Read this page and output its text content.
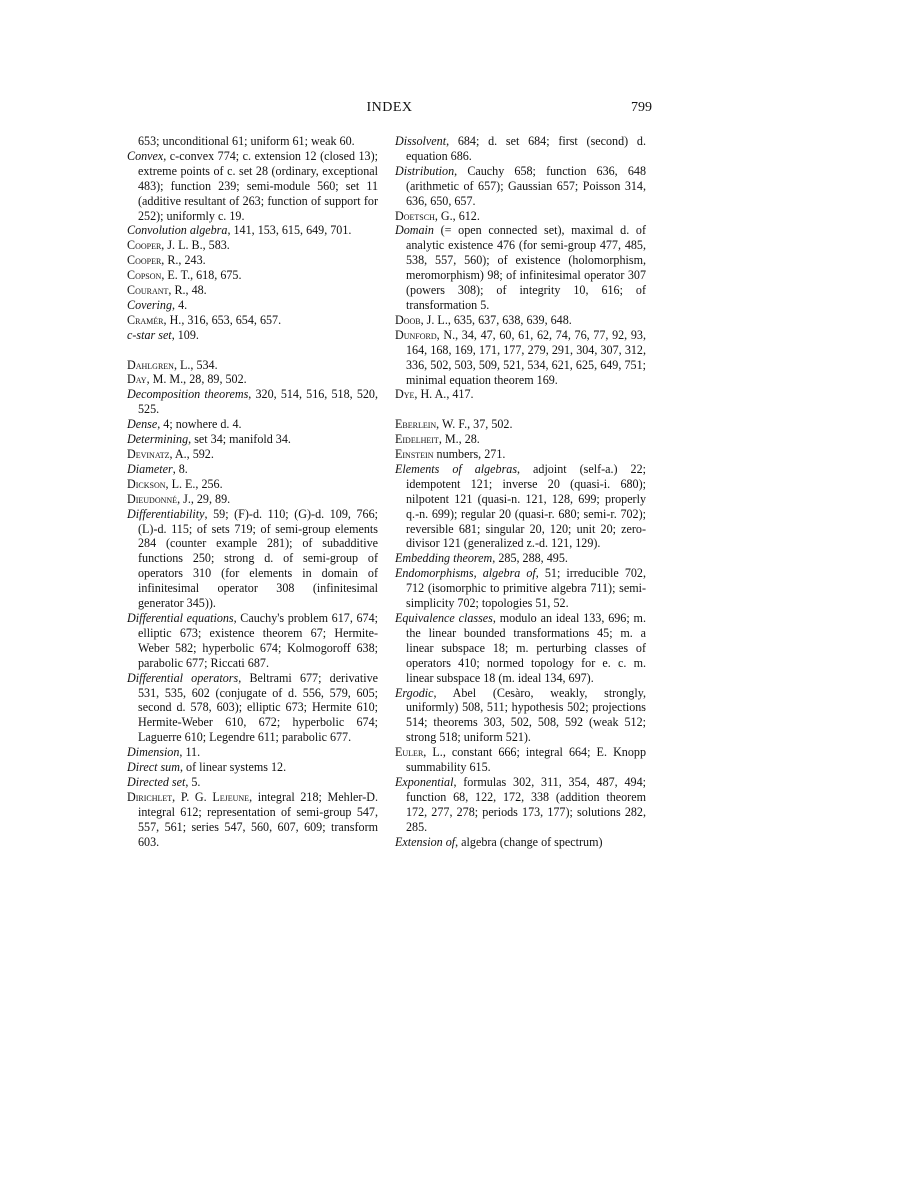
INDEX	799

653; unconditional 61; uniform 61; weak 60.

Convex, c-convex 774; c. extension 12 (closed 13); extreme points of c. set 28 (ordinary, exceptional 483); function 239; semi-module 560; set 11 (additive resultant of 263; function of support for 252); uniformly c. 19.

Convolution algebra, 141, 153, 615, 649, 701.

Cooper, J. L. B., 583.

Cooper, R., 243.

Copson, E. T., 618, 675.

Courant, R., 48.

Covering, 4.

Cramér, H., 316, 653, 654, 657.

c-star set, 109.

Dahlgren, L., 534.

Day, M. M., 28, 89, 502.

Decomposition theorems, 320, 514, 516, 518, 520, 525.

Dense, 4; nowhere d. 4.

Determining, set 34; manifold 34.

Devinatz, A., 592.

Diameter, 8.

Dickson, L. E., 256.

Dieudonné, J., 29, 89.

Differentiability, 59; (F)-d. 110; (G)-d. 109, 766; (L)-d. 115; of sets 719; of semi-group elements 284 (counter example 281); of subadditive functions 250; strong d. of semi-group of operators 310 (for elements in domain of infinitesimal operator 308 (infinitesimal generator 345)).

Differential equations, Cauchy's problem 617, 674; elliptic 673; existence theorem 67; Hermite-Weber 582; hyperbolic 674; Kolmogoroff 638; parabolic 677; Riccati 687.

Differential operators, Beltrami 677; derivative 531, 535, 602 (conjugate of d. 556, 579, 605; second d. 578, 603); elliptic 673; Hermite 610; Hermite-Weber 610, 672; hyperbolic 674; Laguerre 610; Legendre 611; parabolic 677.

Dimension, 11.

Direct sum, of linear systems 12.

Directed set, 5.

Dirichlet, P. G. Lejeune, integral 218; Mehler-D. integral 612; representation of semi-group 547, 557, 561; series 547, 560, 607, 609; transform 603.

Dissolvent, 684; d. set 684; first (second) d. equation 686.

Distribution, Cauchy 658; function 636, 648 (arithmetic of 657); Gaussian 657; Poisson 314, 636, 650, 657.

Doetsch, G., 612.

Domain (= open connected set), maximal d. of analytic existence 476 (for semi-group 477, 485, 538, 557, 560); of existence (holomorphism, meromorphism) 98; of infinitesimal operator 307 (powers 308); of integrity 10, 616; of transformation 5.

Doob, J. L., 635, 637, 638, 639, 648.

Dunford, N., 34, 47, 60, 61, 62, 74, 76, 77, 92, 93, 164, 168, 169, 171, 177, 279, 291, 304, 307, 312, 336, 502, 503, 509, 521, 534, 621, 625, 649, 751; minimal equation theorem 169.

Dye, H. A., 417.

Eberlein, W. F., 37, 502.

Eidelheit, M., 28.

Einstein numbers, 271.

Elements of algebras, adjoint (self-a.) 22; idempotent 121; inverse 20 (quasi-i. 680); nilpotent 121 (quasi-n. 121, 128, 699; properly q.-n. 699); regular 20 (quasi-r. 680; semi-r. 702); reversible 681; singular 20, 120; unit 20; zero-divisor 121 (generalized z.-d. 121, 129).

Embedding theorem, 285, 288, 495.

Endomorphisms, algebra of, 51; irreducible 702, 712 (isomorphic to primitive algebra 711); semi-simplicity 702; topologies 51, 52.

Equivalence classes, modulo an ideal 133, 696; m. the linear bounded transformations 45; m. a linear subspace 18; m. perturbing classes of operators 410; normed topology for e. c. m. linear subspace 18 (m. ideal 134, 697).

Ergodic, Abel (Cesàro, weakly, strongly, uniformly) 508, 511; hypothesis 502; projections 514; theorems 303, 502, 508, 592 (weak 512; strong 518; uniform 521).

Euler, L., constant 666; integral 664; E. Knopp summability 615.

Exponential, formulas 302, 311, 354, 487, 494; function 68, 122, 172, 338 (addition theorem 172, 277, 278; periods 173, 177); solutions 282, 285.

Extension of, algebra (change of spectrum)
